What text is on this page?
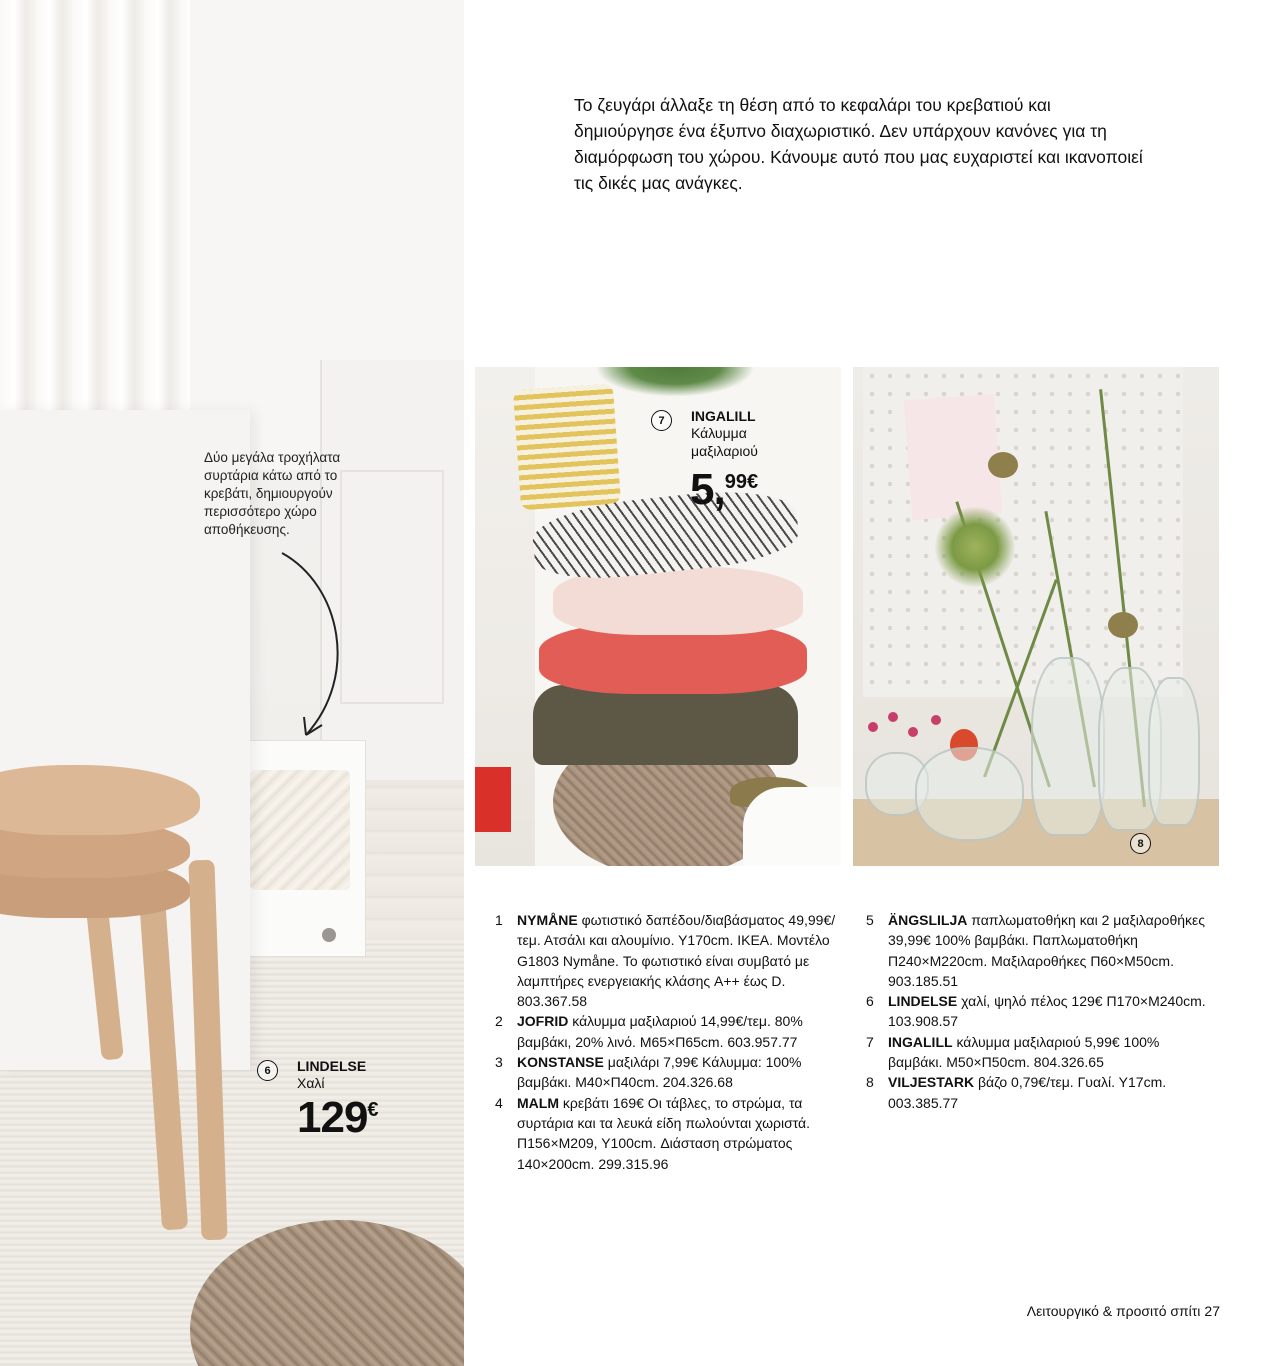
Δύο μεγάλα τροχήλατα συρτάρια κάτω από το κρεβάτι, δημιουργούν περισσότερο χώρο αποθήκευσης.
6	LINDELSE
Χαλί
129€
Το ζευγάρι άλλαξε τη θέση από το κεφαλάρι του κρεβατιού και δημιούργησε ένα έξυπνο διαχωριστικό. Δεν υπάρχουν κανόνες για τη διαμόρφωση του χώρου. Κάνουμε αυτό που μας ευχαριστεί και ικανοποιεί τις δικές μας ανάγκες.
7	INGALILL
Κάλυμμα
μαξιλαριού
5,99€
8
1 NYMÅNE φωτιστικό δαπέδου/διαβάσματος 49,99€/τεμ. Ατσάλι και αλουμίνιο. Υ170cm. ΙΚΕΑ. Μοντέλο G1803 Nymåne. Το φωτιστικό είναι συμβατό με λαμπτήρες ενεργειακής κλάσης A++ έως D. 803.367.58
2 JOFRID κάλυμμα μαξιλαριού 14,99€/τεμ. 80% βαμβάκι, 20% λινό. Μ65×Π65cm. 603.957.77
3 KONSTANSE μαξιλάρι 7,99€ Κάλυμμα: 100% βαμβάκι. Μ40×Π40cm. 204.326.68
4 MALM κρεβάτι 169€ Οι τάβλες, το στρώμα, τα συρτάρια και τα λευκά είδη πωλούνται χωριστά. Π156×Μ209, Υ100cm. Διάσταση στρώματος 140×200cm. 299.315.96
5 ÄNGSLILJA παπλωματοθήκη και 2 μαξιλαροθήκες 39,99€ 100% βαμβάκι. Παπλωματοθήκη Π240×Μ220cm. Μαξιλαροθήκες Π60×Μ50cm. 903.185.51
6 LINDELSE χαλί, ψηλό πέλος 129€ Π170×Μ240cm. 103.908.57
7 INGALILL κάλυμμα μαξιλαριού 5,99€ 100% βαμβάκι. Μ50×Π50cm. 804.326.65
8 VILJESTARK βάζο 0,79€/τεμ. Γυαλί. Υ17cm. 003.385.77
Λειτουργικό & προσιτό σπίτι 27
